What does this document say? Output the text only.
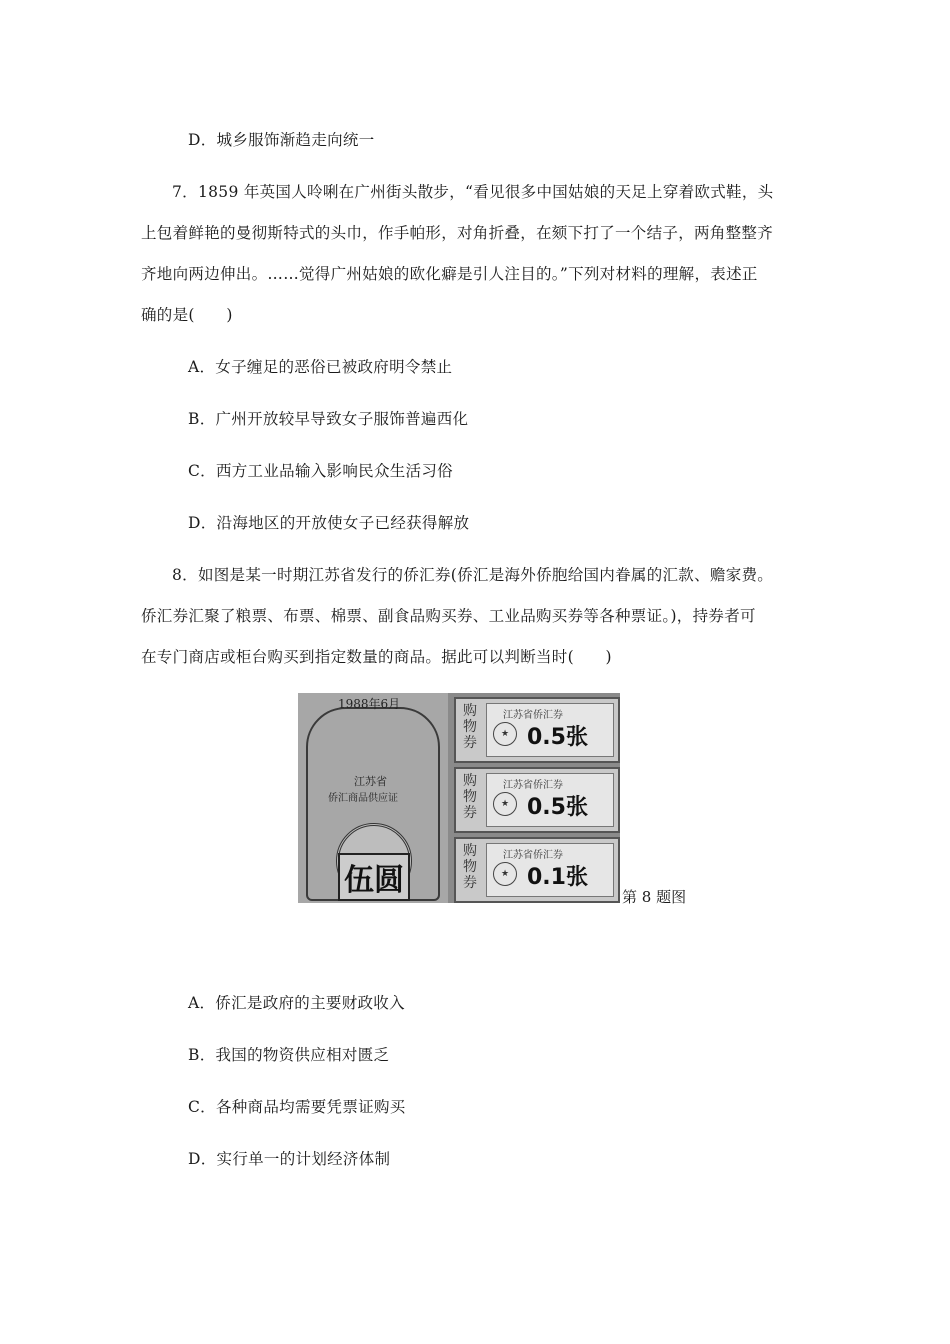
D．城乡服饰渐趋走向统一
7．1859 年英国人呤唎在广州街头散步，“看见很多中国姑娘的天足上穿着欧式鞋，头
上包着鲜艳的曼彻斯特式的头巾，作手帕形，对角折叠，在颏下打了一个结子，两角整整齐
齐地向两边伸出。……觉得广州姑娘的欧化癖是引人注目的。”下列对材料的理解，表述正
确的是(　　)
A．女子缠足的恶俗已被政府明令禁止
B．广州开放较早导致女子服饰普遍西化
C．西方工业品输入影响民众生活习俗
D．沿海地区的开放使女子已经获得解放
8．如图是某一时期江苏省发行的侨汇券(侨汇是海外侨胞给国内眷属的汇款、赡家费。
侨汇券汇聚了粮票、布票、棉票、副食品购买券、工业品购买券等各种票证。)，持券者可
在专门商店或柜台购买到指定数量的商品。据此可以判断当时(　　)
1988年6月
江苏省
侨汇商品供应证
伍圆
购物券
江苏省侨汇券
★ 0.5张
购物券
江苏省侨汇券
★ 0.5张
购物券
江苏省侨汇券
★ 0.1张
第 8 题图
A．侨汇是政府的主要财政收入
B．我国的物资供应相对匮乏
C．各种商品均需要凭票证购买
D．实行单一的计划经济体制
